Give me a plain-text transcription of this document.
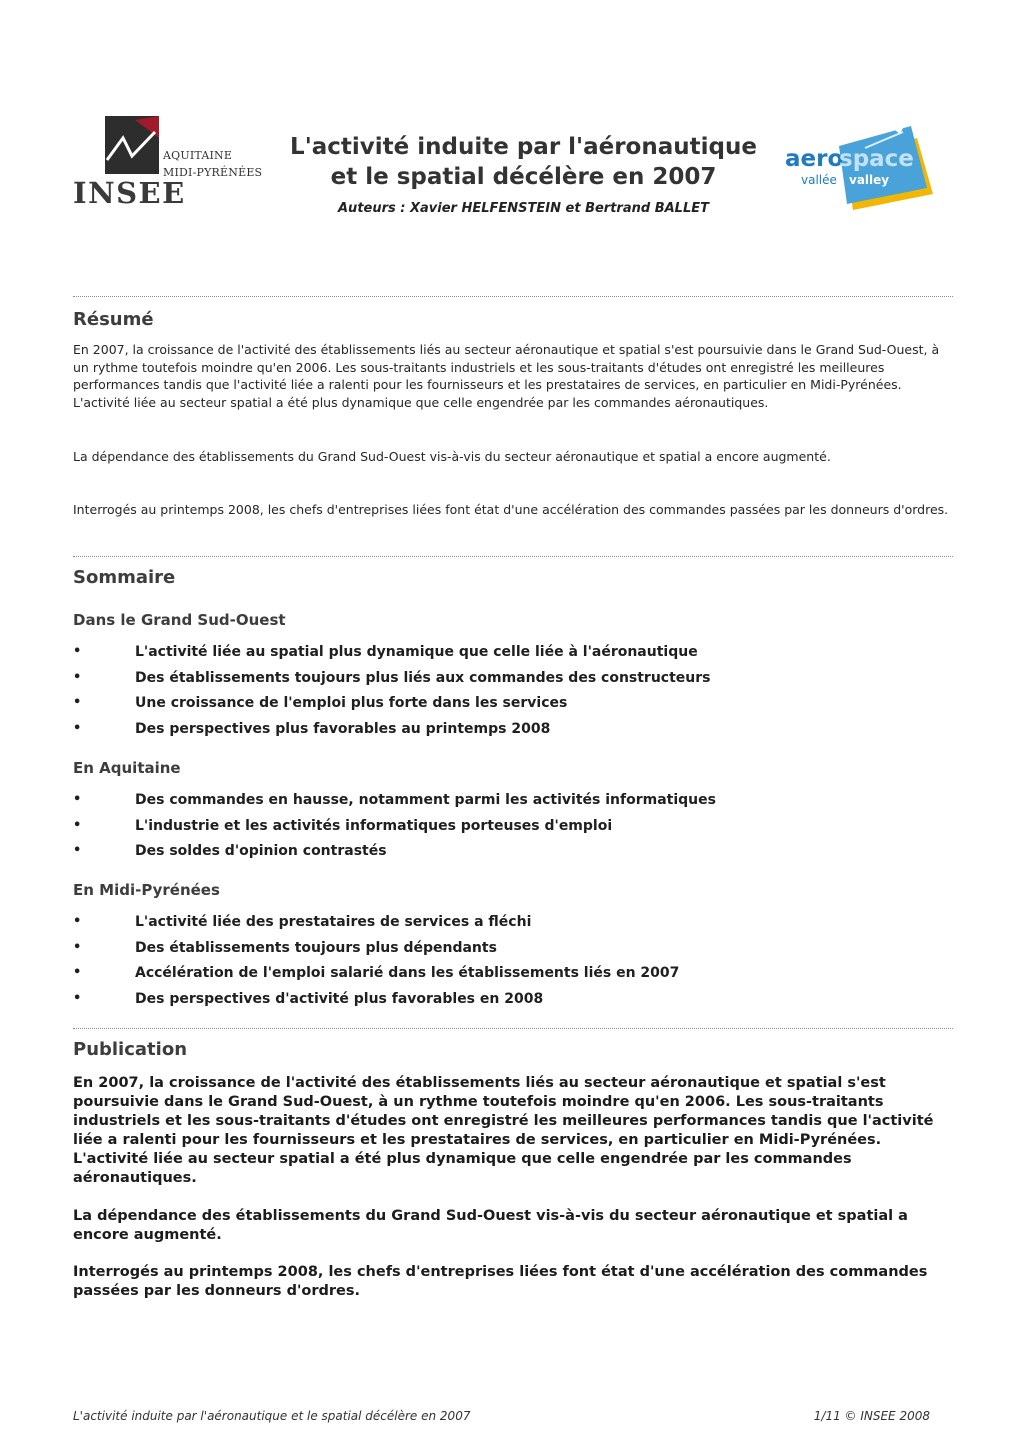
AQUITAINE
MIDI-PYRÉNÉES
INSEE
L'activité induite par l'aéronautique
et le spatial décélère en 2007
Auteurs : Xavier HELFENSTEIN et Bertrand BALLET
aero
space
vallée valley
Résumé

En 2007, la croissance de l'activité des établissements liés au secteur aéronautique et spatial s'est poursuivie dans le Grand Sud-Ouest, à un rythme toutefois moindre qu'en 2006. Les sous-traitants industriels et les sous-traitants d'études ont enregistré les meilleures performances tandis que l'activité liée a ralenti pour les fournisseurs et les prestataires de services, en particulier en Midi-Pyrénées. L'activité liée au secteur spatial a été plus dynamique que celle engendrée par les commandes aéronautiques.

La dépendance des établissements du Grand Sud-Ouest vis-à-vis du secteur aéronautique et spatial a encore augmenté.

Interrogés au printemps 2008, les chefs d'entreprises liées font état d'une accélération des commandes passées par les donneurs d'ordres.

Sommaire
Dans le Grand Sud-Ouest
•	L'activité liée au spatial plus dynamique que celle liée à l'aéronautique
•	Des établissements toujours plus liés aux commandes des constructeurs
•	Une croissance de l'emploi plus forte dans les services
•	Des perspectives plus favorables au printemps 2008
En Aquitaine
•	Des commandes en hausse, notamment parmi les activités informatiques
•	L'industrie et les activités informatiques porteuses d'emploi
•	Des soldes d'opinion contrastés
En Midi-Pyrénées
•	L'activité liée des prestataires de services a fléchi
•	Des établissements toujours plus dépendants
•	Accélération de l'emploi salarié dans les établissements liés en 2007
•	Des perspectives d'activité plus favorables en 2008
Publication

En 2007, la croissance de l'activité des établissements liés au secteur aéronautique et spatial s'est poursuivie dans le Grand Sud-Ouest, à un rythme toutefois moindre qu'en 2006. Les sous-traitants industriels et les sous-traitants d'études ont enregistré les meilleures performances tandis que l'activité liée a ralenti pour les fournisseurs et les prestataires de services, en particulier en Midi-Pyrénées. L'activité liée au secteur spatial a été plus dynamique que celle engendrée par les commandes aéronautiques.

La dépendance des établissements du Grand Sud-Ouest vis-à-vis du secteur aéronautique et spatial a encore augmenté.

Interrogés au printemps 2008, les chefs d'entreprises liées font état d'une accélération des commandes passées par les donneurs d'ordres.

L'activité induite par l'aéronautique et le spatial décélère en 2007	1/11 © INSEE 2008
